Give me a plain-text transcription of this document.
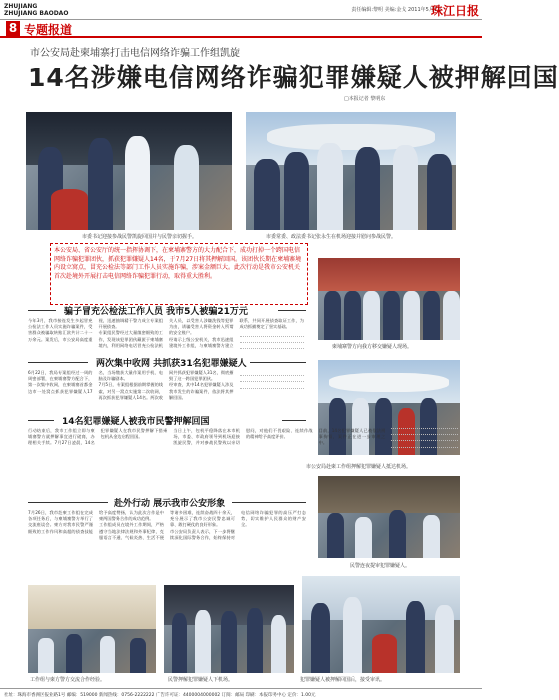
ZHUJIANG
ZHUJIANG BAODAO	责任编辑:黎明 美编:金戈 2011年5月1日
珠江日报
8 专题报道
市公安局赴柬埔寨打击电信网络诈骗工作组凯旋
14名涉嫌电信网络诈骗犯罪嫌疑人被押解回国
□本报记者 黎明东
市委书记迎接参战民警凯旋回国并与民警亲切握手。	市委常委、政法委书记张永生在机场迎接并慰问参战民警。

本公安局、省公安厅的统一指挥协调下，在柬埔寨警方的大力配合下，成功打掉一个跨国电信网络诈骗犯罪团伙，抓获犯罪嫌疑人14名，于7月27日将其押解回国。该团伙长期在柬埔寨境内设立窝点，冒充公检法等部门工作人员实施诈骗，涉案金额巨大。此次行动是我市公安机关首次赴境外开展打击电信网络诈骗犯罪行动，取得重大胜利。

柬埔寨警方向我方移交嫌疑人现场。
骗子冒充公检法工作人员 我市5人被骗21万元

今年3月，我市接连发生多起冒充公检法工作人员实施诈骗案件，受害群众被骗取转账汇款共计二十一万余元。案发后，市公安局高度重视，迅速抽调精干警力成立专案组开展侦查。

专案组民警经过大量缜密细致的工作，发现该犯罪团伙藏匿于柬埔寨境内，利用网络电话冒充公检法机关人员，以受害人涉嫌洗钱等犯罪为由，诱骗受害人将资金转入所谓的安全账户。

经请示上级公安机关，我市迅速组建境外工作组，与柬埔寨警方建立联系，共同开展侦查取证工作，为成功抓捕奠定了坚实基础。

两次集中收网 共抓获31名犯罪嫌疑人

6月22日，我局专案组经过一周的周密部署，在柬埔寨警方配合下，第一次集中收网，在柬埔寨首都金边市一处窝点抓获犯罪嫌疑人17名，当场缴获大量作案用手机、电脑及诈骗剧本。

7月5日，专案组根据前期掌握的线索，对另一窝点实施第二次收网，再次抓获犯罪嫌疑人14名。两次收网共抓获犯罪嫌疑人31名，彻底摧毁了这一跨国犯罪团伙。

经审查，其中14名犯罪嫌疑人涉及我市发生的诈骗案件，依法将其押解回国。

市公安局赴柬工作组押解犯罪嫌疑人抵达机场。
14名犯罪嫌疑人被我市民警押解回国

行动结束后，我市工作组立即与柬埔寨警方就押解事宜进行磋商，办理相关手续。7月27日凌晨，14名犯罪嫌疑人在我市民警押解下搭乘包机从金边启程回国。

当日上午，包机平稳降落在本市机场，市委、市政府领导到机场迎接凯旋民警，并对参战民警致以亲切慰问，对他们不畏艰险、连续作战的精神给予高度评价。

目前，14名犯罪嫌疑人已被依法刑事拘留，案件正在进一步审理之中。

赴外行动 展示我市公安形象
民警连夜提审犯罪嫌疑人。

7月26日，我市赴柬工作组在完成各项任务后，与柬埔寨警方举行了交流座谈会。柬方对我市民警严谨细致的工作作风和高超的侦查技能给予高度赞扬，认为此次合作是中柬两国警务合作的成功范例。

工作组成员在境外工作期间，严格遵守当地法律法规和外事纪律，克服语言不通、气候炎热、生活不便等诸多困难，连续奋战四十余天，充分展示了我市公安民警忠诚可靠、敢打硬仗的良好形象。

市公安局负责人表示，下一步将继续深化国际警务合作，始终保持对电信网络诈骗犯罪的高压严打态势，切实维护人民群众的财产安全。

工作组与柬方警方交流合作经验。	民警押解犯罪嫌疑人下机场。	犯罪嫌疑人被押解回国后，接受审讯。
社址：珠海市香洲区报业路1号 邮编：519000 新闻热线：0756-2222222 广告许可证：4400004000002 订阅：邮局 印刷：本报印务中心 定价：1.00元
